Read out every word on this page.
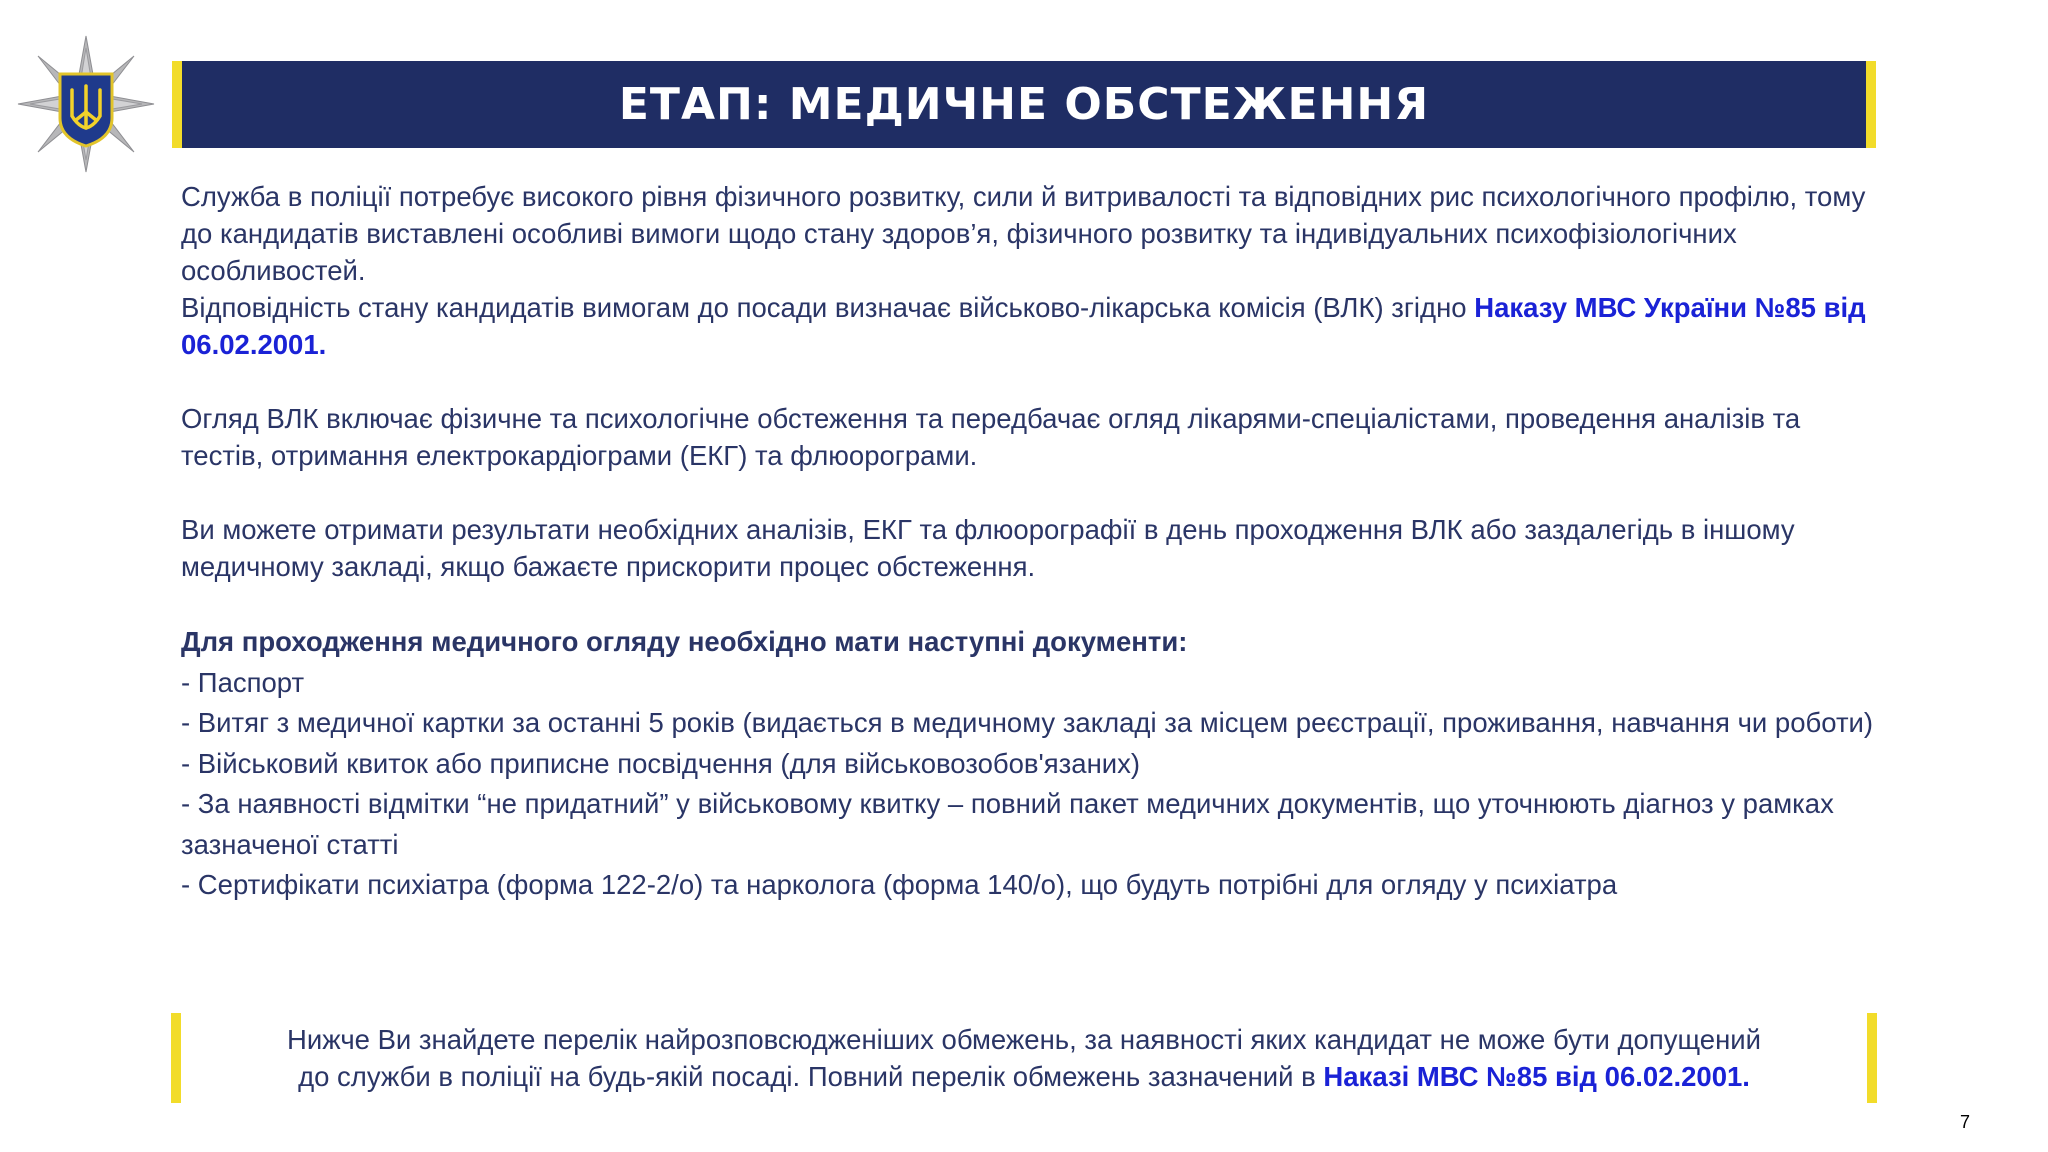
ЕТАП: МЕДИЧНЕ ОБСТЕЖЕННЯ

Служба в поліції потребує високого рівня фізичного розвитку, сили й витривалості та відповідних рис психологічного профілю, тому до кандидатів виставлені особливі вимоги щодо стану здоров’я, фізичного розвитку та індивідуальних психофізіологічних особливостей.

Відповідність стану кандидатів вимогам до посади визначає військово-лікарська комісія (ВЛК) згідно Наказу МВС України №85 від 06.02.2001.

Огляд ВЛК включає фізичне та психологічне обстеження та передбачає огляд лікарями-спеціалістами, проведення аналізів та тестів, отримання електрокардіограми (ЕКГ) та флюорограми.

Ви можете отримати результати необхідних аналізів, ЕКГ та флюорографії в день проходження ВЛК або заздалегідь в іншому медичному закладі, якщо бажаєте прискорити процес обстеження.

Для проходження медичного огляду необхідно мати наступні документи:

- Паспорт

- Витяг з медичної картки за останні 5 років (видається в медичному закладі за місцем реєстрації, проживання, навчання чи роботи)

- Військовий квиток або приписне посвідчення (для військовозобов'язаних)

- За наявності відмітки “не придатний” у військовому квитку – повний пакет медичних документів, що уточнюють діагноз у рамках зазначеної статті

- Сертифікати психіатра (форма 122-2/о) та нарколога (форма 140/о), що будуть потрібні для огляду у психіатра

Нижче Ви знайдете перелік найрозповсюдженіших обмежень, за наявності яких кандидат не може бути допущений
до служби в поліції на будь-якій посаді. Повний перелік обмежень зазначений в Наказі МВС №85 від 06.02.2001.
7
